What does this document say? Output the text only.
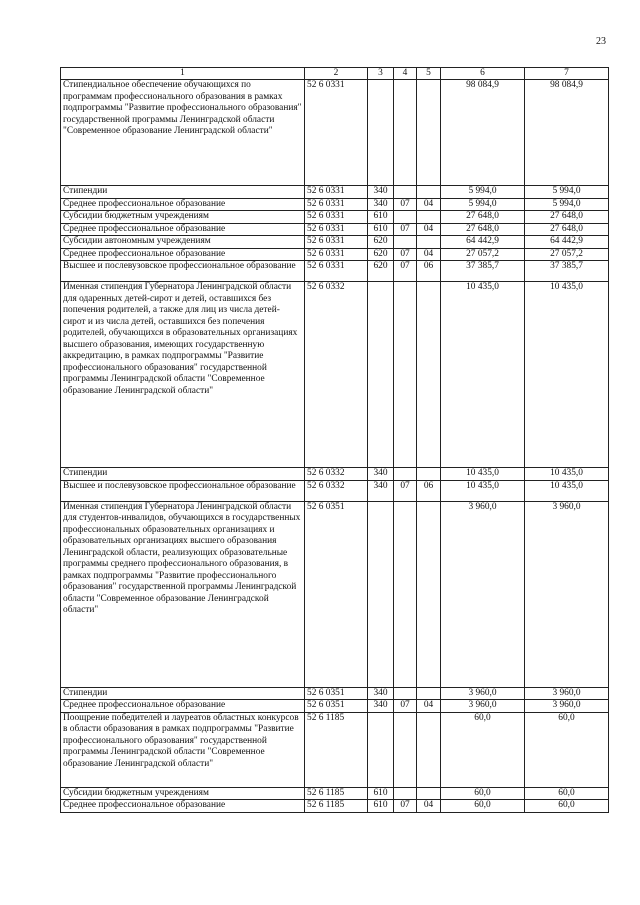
23
1	2	3	4	5	6	7
Стипендиальное обеспечение обучающихся по программам профессионального образования в рамках подпрограммы "Развитие профессионального образования" государственной программы Ленинградской области "Современное образование Ленинградской области"	52 6 0331				98 084,9	98 084,9
Стипендии	52 6 0331	340			5 994,0	5 994,0
Среднее профессиональное образование	52 6 0331	340	07	04	5 994,0	5 994,0
Субсидии бюджетным учреждениям	52 6 0331	610			27 648,0	27 648,0
Среднее профессиональное образование	52 6 0331	610	07	04	27 648,0	27 648,0
Субсидии автономным учреждениям	52 6 0331	620			64 442,9	64 442,9
Среднее профессиональное образование	52 6 0331	620	07	04	27 057,2	27 057,2
Высшее и послевузовское профессиональное образование	52 6 0331	620	07	06	37 385,7	37 385,7
Именная стипендия Губернатора Ленинградской области для одаренных детей-сирот и детей, оставшихся без попечения родителей, а также для лиц из числа детей-сирот и из числа детей, оставшихся без попечения родителей, обучающихся в образовательных организациях высшего образования, имеющих государственную аккредитацию, в рамках подпрограммы "Развитие профессионального образования" государственной программы Ленинградской области "Современное образование Ленинградской области"	52 6 0332				10 435,0	10 435,0
Стипендии	52 6 0332	340			10 435,0	10 435,0
Высшее и послевузовское профессиональное образование	52 6 0332	340	07	06	10 435,0	10 435,0
Именная стипендия Губернатора Ленинградской области для студентов-инвалидов, обучающихся в государственных профессиональных образовательных организациях и образовательных организациях высшего образования Ленинградской области, реализующих образовательные программы среднего профессионального образования, в рамках подпрограммы "Развитие профессионального образования" государственной программы Ленинградской области "Современное образование Ленинградской области"	52 6 0351				3 960,0	3 960,0
Стипендии	52 6 0351	340			3 960,0	3 960,0
Среднее профессиональное образование	52 6 0351	340	07	04	3 960,0	3 960,0
Поощрение победителей и лауреатов областных конкурсов в области образования в рамках подпрограммы "Развитие профессионального образования" государственной программы Ленинградской области "Современное образование Ленинградской области"	52 6 1185				60,0	60,0
Субсидии бюджетным учреждениям	52 6 1185	610			60,0	60,0
Среднее профессиональное образование	52 6 1185	610	07	04	60,0	60,0
